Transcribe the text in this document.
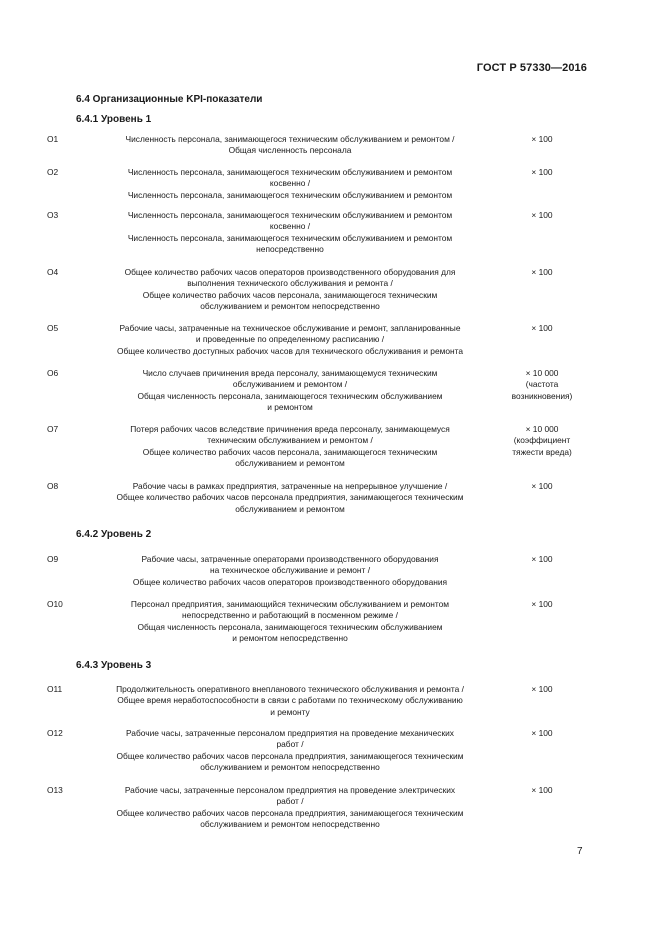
ГОСТ Р 57330—2016
6.4 Организационные KPI-показатели
6.4.1 Уровень 1
O1	Численность персонала, занимающегося техническим обслуживанием и ремонтом /
Общая численность персонала
× 100
O2	Численность персонала, занимающегося техническим обслуживанием и ремонтом
косвенно /
Численность персонала, занимающегося техническим обслуживанием и ремонтом
× 100
O3	Численность персонала, занимающегося техническим обслуживанием и ремонтом
косвенно /
Численность персонала, занимающегося техническим обслуживанием и ремонтом
непосредственно
× 100
O4	Общее количество рабочих часов операторов производственного оборудования для
выполнения технического обслуживания и ремонта /
Общее количество рабочих часов персонала, занимающегося техническим
обслуживанием и ремонтом непосредственно
× 100
O5	Рабочие часы, затраченные на техническое обслуживание и ремонт, запланированные
и проведенные по определенному расписанию /
Общее количество доступных рабочих часов для технического обслуживания и ремонта
× 100
O6	Число случаев причинения вреда персоналу, занимающемуся техническим
обслуживанием и ремонтом /
Общая численность персонала, занимающегося техническим обслуживанием
и ремонтом
× 10 000
(частота
возникновения)
O7	Потеря рабочих часов вследствие причинения вреда персоналу, занимающемуся
техническим обслуживанием и ремонтом /
Общее количество рабочих часов персонала, занимающегося техническим
обслуживанием и ремонтом
× 10 000
(коэффициент
тяжести вреда)
O8	Рабочие часы в рамках предприятия, затраченные на непрерывное улучшение /
Общее количество рабочих часов персонала предприятия, занимающегося техническим
обслуживанием и ремонтом
× 100
6.4.2 Уровень 2
O9	Рабочие часы, затраченные операторами производственного оборудования
на техническое обслуживание и ремонт /
Общее количество рабочих часов операторов производственного оборудования
× 100
O10	Персонал предприятия, занимающийся техническим обслуживанием и ремонтом
непосредственно и работающий в посменном режиме /
Общая численность персонала, занимающегося техническим обслуживанием
и ремонтом непосредственно
× 100
6.4.3 Уровень 3
O11	Продолжительность оперативного внепланового технического обслуживания и ремонта /
Общее время неработоспособности в связи с работами по техническому обслуживанию
и ремонту
× 100
O12	Рабочие часы, затраченные персоналом предприятия на проведение механических
работ /
Общее количество рабочих часов персонала предприятия, занимающегося техническим
обслуживанием и ремонтом непосредственно
× 100
O13	Рабочие часы, затраченные персоналом предприятия на проведение электрических
работ /
Общее количество рабочих часов персонала предприятия, занимающегося техническим
обслуживанием и ремонтом непосредственно
× 100
7
